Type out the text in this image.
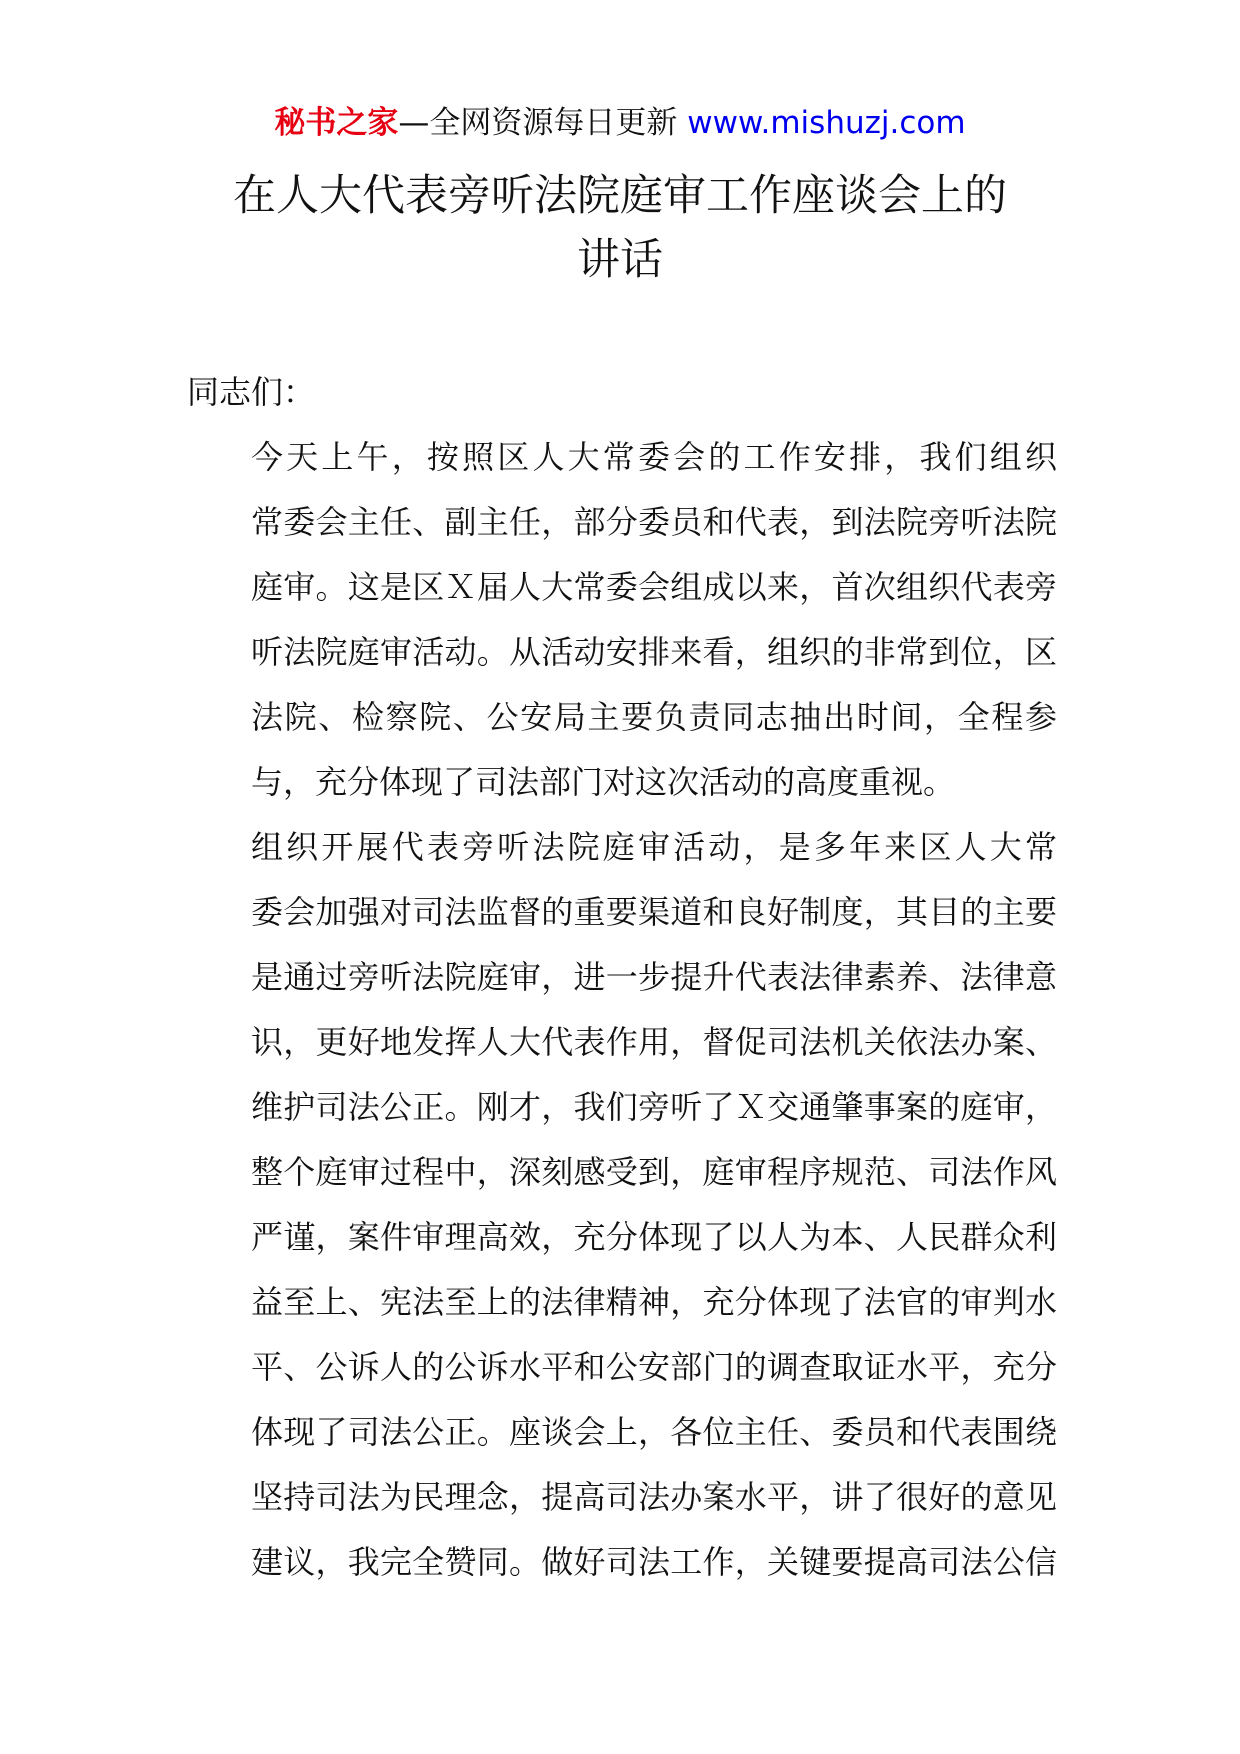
秘书之家—全网资源每日更新 www.mishuzj.com
在人大代表旁听法院庭审工作座谈会上的
讲话

同志们：

今天上午，按照区人大常委会的工作安排，我们组织
常委会主任、副主任，部分委员和代表，到法院旁听法院
庭审。这是区Ｘ届人大常委会组成以来，首次组织代表旁
听法院庭审活动。从活动安排来看，组织的非常到位，区
法院、检察院、公安局主要负责同志抽出时间，全程参
与，充分体现了司法部门对这次活动的高度重视。

组织开展代表旁听法院庭审活动，是多年来区人大常
委会加强对司法监督的重要渠道和良好制度，其目的主要
是通过旁听法院庭审，进一步提升代表法律素养、法律意
识，更好地发挥人大代表作用，督促司法机关依法办案、
维护司法公正。刚才，我们旁听了Ｘ交通肇事案的庭审，
整个庭审过程中，深刻感受到，庭审程序规范、司法作风
严谨，案件审理高效，充分体现了以人为本、人民群众利
益至上、宪法至上的法律精神，充分体现了法官的审判水
平、公诉人的公诉水平和公安部门的调查取证水平，充分
体现了司法公正。座谈会上，各位主任、委员和代表围绕
坚持司法为民理念，提高司法办案水平，讲了很好的意见
建议，我完全赞同。做好司法工作，关键要提高司法公信
